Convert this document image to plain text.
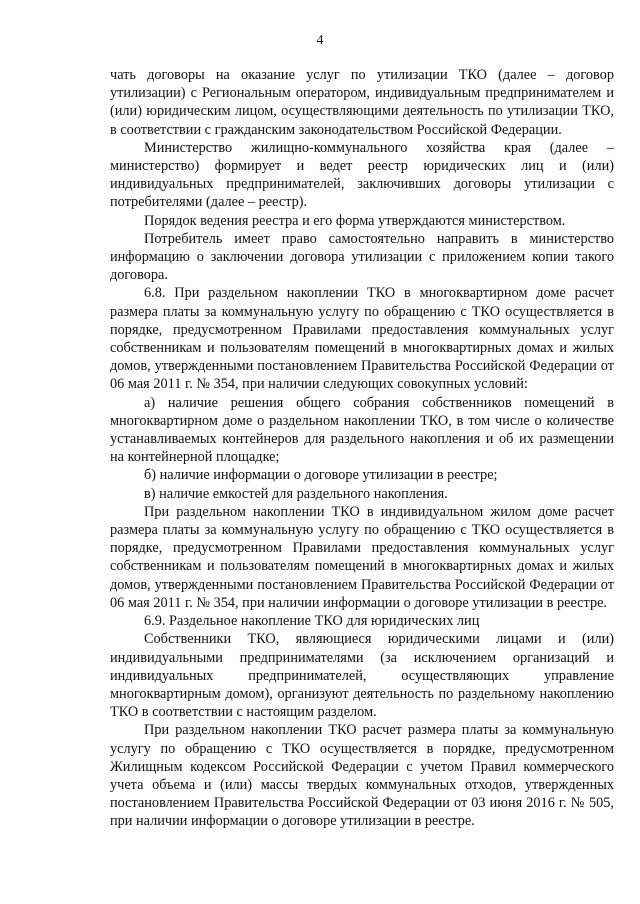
4

чать договоры на оказание услуг по утилизации ТКО (далее – договор утилизации) с Региональным оператором, индивидуальным предпринимателем и (или) юридическим лицом, осуществляющими деятельность по утилизации ТКО, в соответствии с гражданским законодательством Российской Федерации.

Министерство жилищно-коммунального хозяйства края (далее – министерство) формирует и ведет реестр юридических лиц и (или) индивидуальных предпринимателей, заключивших договоры утилизации с потребителями (далее – реестр).

Порядок ведения реестра и его форма утверждаются министерством.

Потребитель имеет право самостоятельно направить в министерство информацию о заключении договора утилизации с приложением копии такого договора.

6.8. При раздельном накоплении ТКО в многоквартирном доме расчет размера платы за коммунальную услугу по обращению с ТКО осуществляется в порядке, предусмотренном Правилами предоставления коммунальных услуг собственникам и пользователям помещений в многоквартирных домах и жилых домов, утвержденными постановлением Правительства Российской Федерации от 06 мая 2011 г. № 354, при наличии следующих совокупных условий:

а) наличие решения общего собрания собственников помещений в многоквартирном доме о раздельном накоплении ТКО, в том числе о количестве устанавливаемых контейнеров для раздельного накопления и об их размещении на контейнерной площадке;

б) наличие информации о договоре утилизации в реестре;

в) наличие емкостей для раздельного накопления.

При раздельном накоплении ТКО в индивидуальном жилом доме расчет размера платы за коммунальную услугу по обращению с ТКО осуществляется в порядке, предусмотренном Правилами предоставления коммунальных услуг собственникам и пользователям помещений в многоквартирных домах и жилых домов, утвержденными постановлением Правительства Российской Федерации от 06 мая 2011 г. № 354, при наличии информации о договоре утилизации в реестре.

6.9. Раздельное накопление ТКО для юридических лиц

Собственники ТКО, являющиеся юридическими лицами и (или) индивидуальными предпринимателями (за исключением организаций и индивидуальных предпринимателей, осуществляющих управление многоквартирным домом), организуют деятельность по раздельному накоплению ТКО в соответствии с настоящим разделом.

При раздельном накоплении ТКО расчет размера платы за коммунальную услугу по обращению с ТКО осуществляется в порядке, предусмотренном Жилищным кодексом Российской Федерации с учетом Правил коммерческого учета объема и (или) массы твердых коммунальных отходов, утвержденных постановлением Правительства Российской Федерации от 03 июня 2016 г. № 505, при наличии информации о договоре утилизации в реестре.
